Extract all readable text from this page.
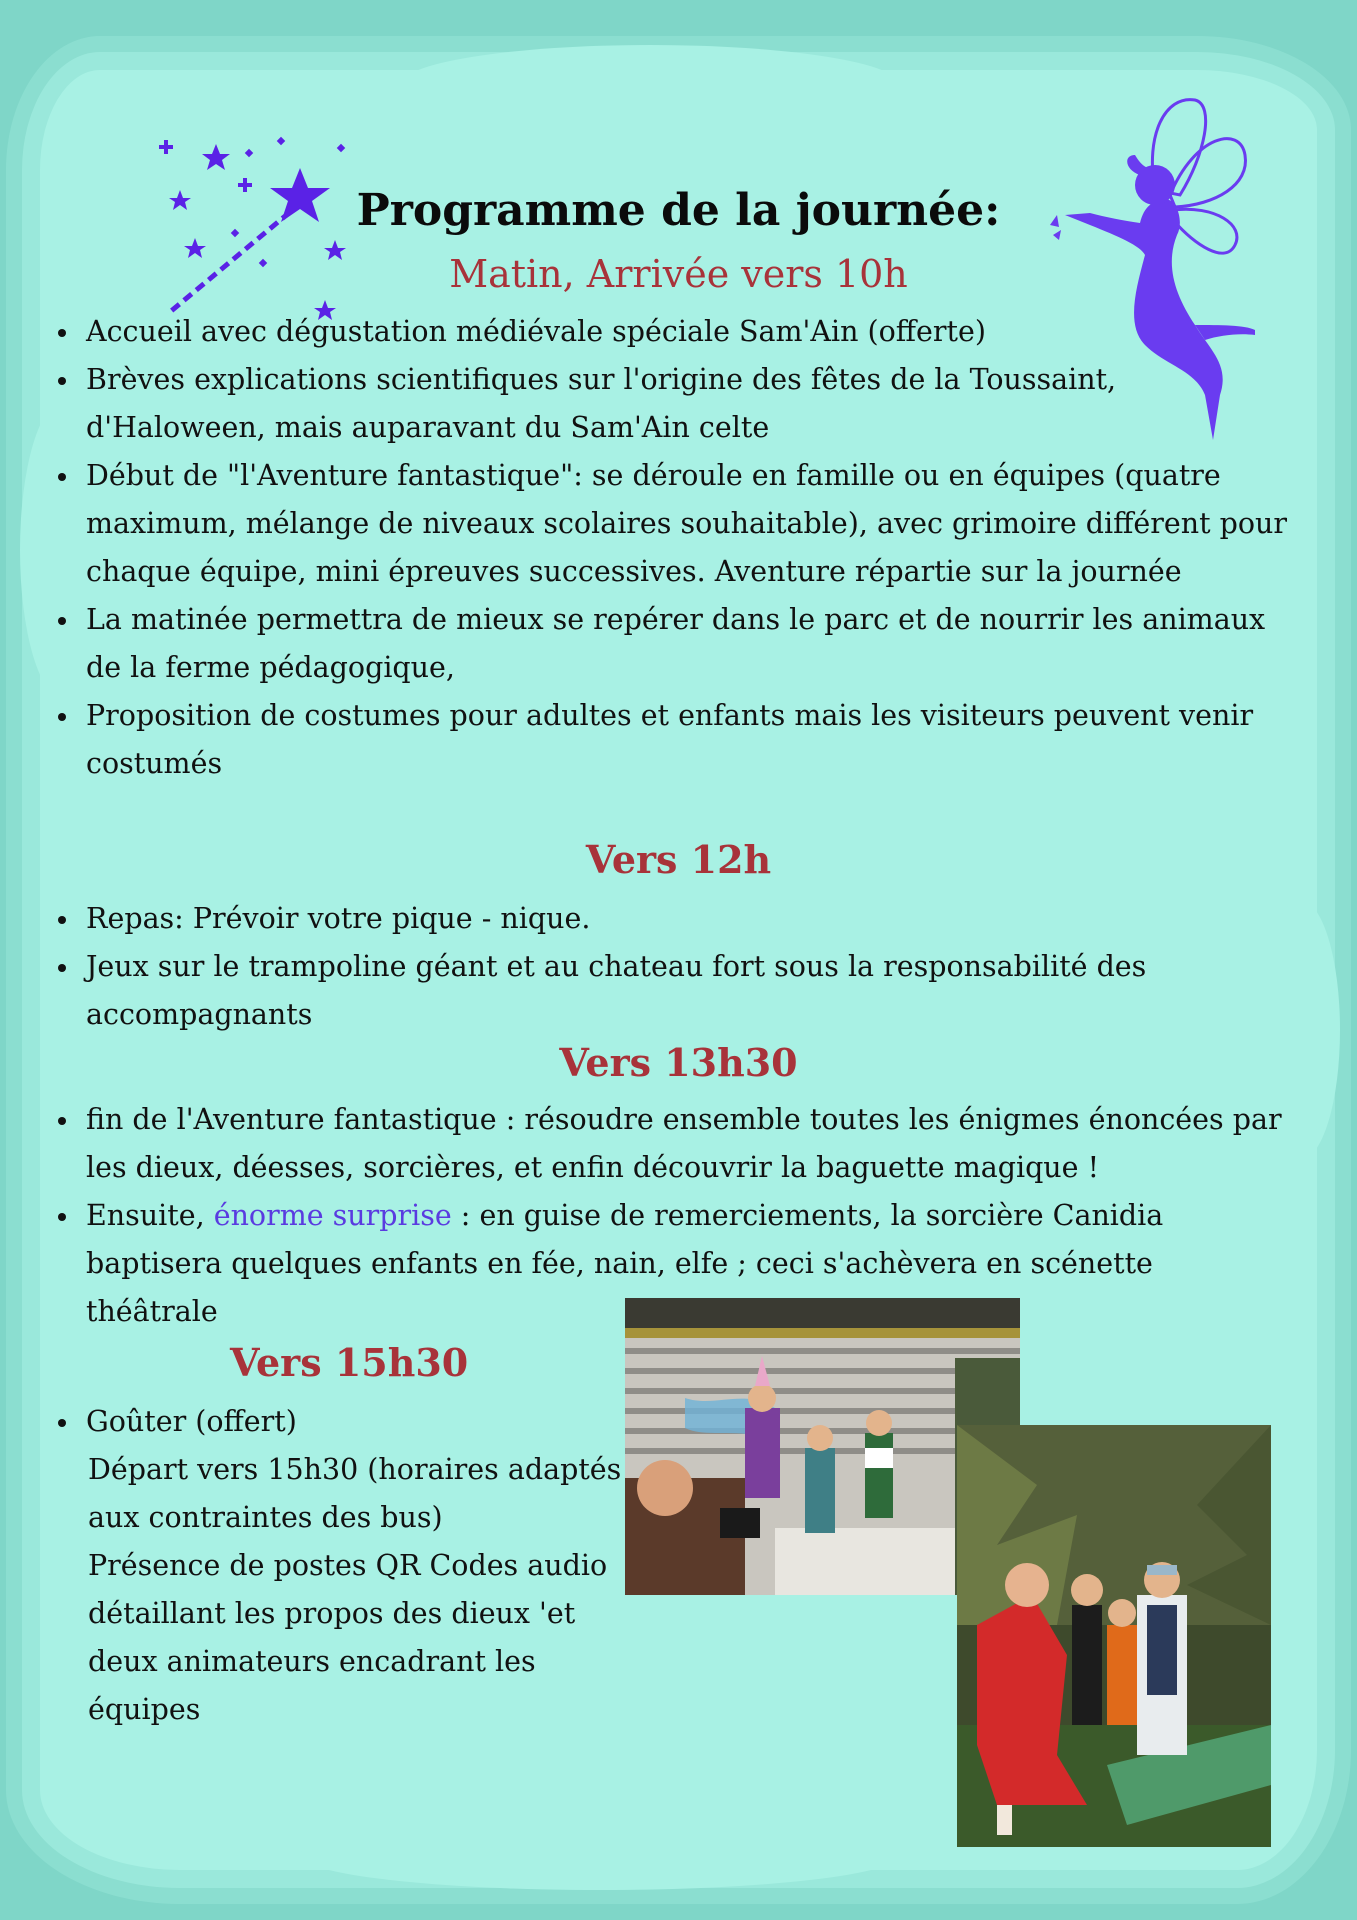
Programme de la journée:
Matin, Arrivée vers 10h
Accueil avec dégustation médiévale spéciale Sam'Ain (offerte)
Brèves explications scientifiques sur l'origine des fêtes de la Toussaint, d'Haloween, mais auparavant du Sam'Ain celte
Début de "l'Aventure fantastique": se déroule en famille ou en équipes (quatre maximum, mélange de niveaux scolaires souhaitable), avec grimoire différent pour chaque équipe, mini épreuves successives. Aventure répartie sur la journée
La matinée permettra de mieux se repérer dans le parc et de nourrir les animaux de la ferme pédagogique,
Proposition de costumes pour adultes et enfants mais les visiteurs peuvent venir costumés
Vers 12h
Repas: Prévoir votre pique - nique.
Jeux sur le trampoline géant et au chateau fort sous la responsabilité des accompagnants
Vers 13h30
fin de l'Aventure fantastique : résoudre ensemble toutes les énigmes énoncées par les dieux, déesses, sorcières, et enfin découvrir la baguette magique !
Ensuite, énorme surprise : en guise de remerciements, la sorcière Canidia baptisera quelques enfants en fée, nain, elfe ; ceci s'achèvera en scénette théâtrale
Vers 15h30
Goûter (offert)
Départ vers 15h30 (horaires adaptés aux contraintes des bus)
Présence de postes QR Codes audio détaillant les propos des dieux 'et deux animateurs encadrant les équipes
